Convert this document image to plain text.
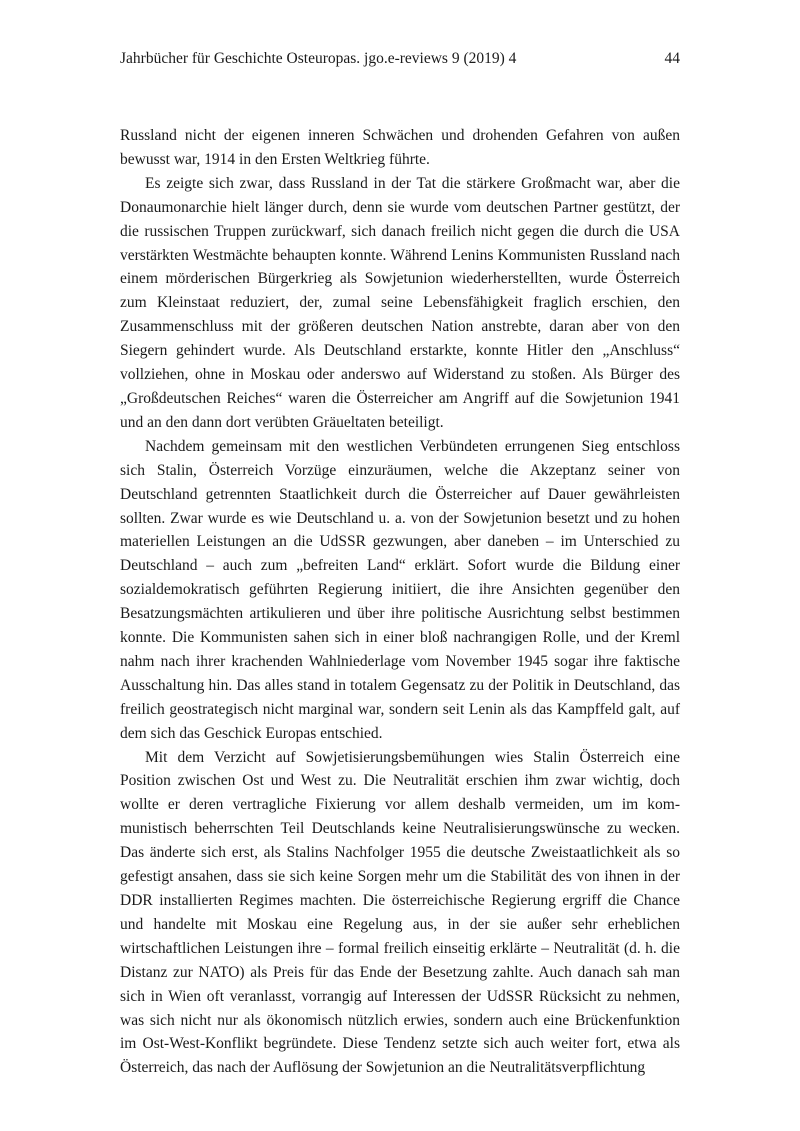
Jahrbücher für Geschichte Osteuropas. jgo.e-reviews 9 (2019) 4	44

Russland nicht der eigenen inneren Schwächen und drohenden Gefahren von außen bewusst war, 1914 in den Ersten Weltkrieg führte.

Es zeigte sich zwar, dass Russland in der Tat die stärkere Großmacht war, aber die Donaumonarchie hielt länger durch, denn sie wurde vom deutschen Partner gestützt, der die russischen Truppen zurückwarf, sich danach freilich nicht gegen die durch die USA verstärkten Westmächte behaupten konnte. Während Lenins Kommunisten Russland nach einem mörderischen Bürgerkrieg als Sowjetunion wiederherstellten, wurde Österreich zum Kleinstaat reduziert, der, zumal seine Lebensfähigkeit fraglich erschien, den Zusammenschluss mit der größeren deutschen Nation anstrebte, daran aber von den Siegern gehindert wurde. Als Deutschland erstarkte, konnte Hitler den „Anschluss“ vollziehen, ohne in Moskau oder anderswo auf Widerstand zu stoßen. Als Bürger des „Großdeutschen Reiches“ waren die Österreicher am Angriff auf die Sowjetunion 1941 und an den dann dort verübten Gräueltaten beteiligt.

Nachdem gemeinsam mit den westlichen Verbündeten errungenen Sieg entschloss sich Stalin, Österreich Vorzüge einzuräumen, welche die Akzeptanz seiner von Deutschland getrennten Staatlichkeit durch die Österreicher auf Dauer gewährleisten sollten. Zwar wurde es wie Deutschland u. a. von der Sowjetunion besetzt und zu hohen materiellen Leistungen an die UdSSR gezwungen, aber daneben – im Unterschied zu Deutschland – auch zum „befreiten Land“ erklärt. Sofort wurde die Bildung einer sozialdemokratisch geführten Regierung initiiert, die ihre Ansichten gegenüber den Besatzungsmächten artikulieren und über ihre politische Ausrichtung selbst bestimmen konnte. Die Kommunisten sahen sich in einer bloß nachrangigen Rolle, und der Kreml nahm nach ihrer krachenden Wahlniederlage vom November 1945 sogar ihre faktische Ausschaltung hin. Das alles stand in totalem Gegensatz zu der Politik in Deutschland, das freilich geostrategisch nicht marginal war, sondern seit Lenin als das Kampffeld galt, auf dem sich das Geschick Europas entschied.

Mit dem Verzicht auf Sowjetisierungsbemühungen wies Stalin Österreich eine Position zwischen Ost und West zu. Die Neutralität erschien ihm zwar wichtig, doch wollte er deren vertragliche Fixierung vor allem deshalb vermeiden, um im kommunistisch beherrschten Teil Deutschlands keine Neutralisierungswünsche zu wecken. Das änderte sich erst, als Stalins Nachfolger 1955 die deutsche Zweistaatlichkeit als so gefestigt ansahen, dass sie sich keine Sorgen mehr um die Stabilität des von ihnen in der DDR installierten Regimes machten. Die österreichische Regierung ergriff die Chance und handelte mit Moskau eine Regelung aus, in der sie außer sehr erheblichen wirtschaftlichen Leistungen ihre – formal freilich einseitig erklärte – Neutralität (d. h. die Distanz zur NATO) als Preis für das Ende der Besetzung zahlte. Auch danach sah man sich in Wien oft veranlasst, vorrangig auf Interessen der UdSSR Rücksicht zu nehmen, was sich nicht nur als ökonomisch nützlich erwies, sondern auch eine Brückenfunktion im Ost-West-Konflikt begründete. Diese Tendenz setzte sich auch weiter fort, etwa als Österreich, das nach der Auflösung der Sowjetunion an die Neutralitätsverpflichtung
